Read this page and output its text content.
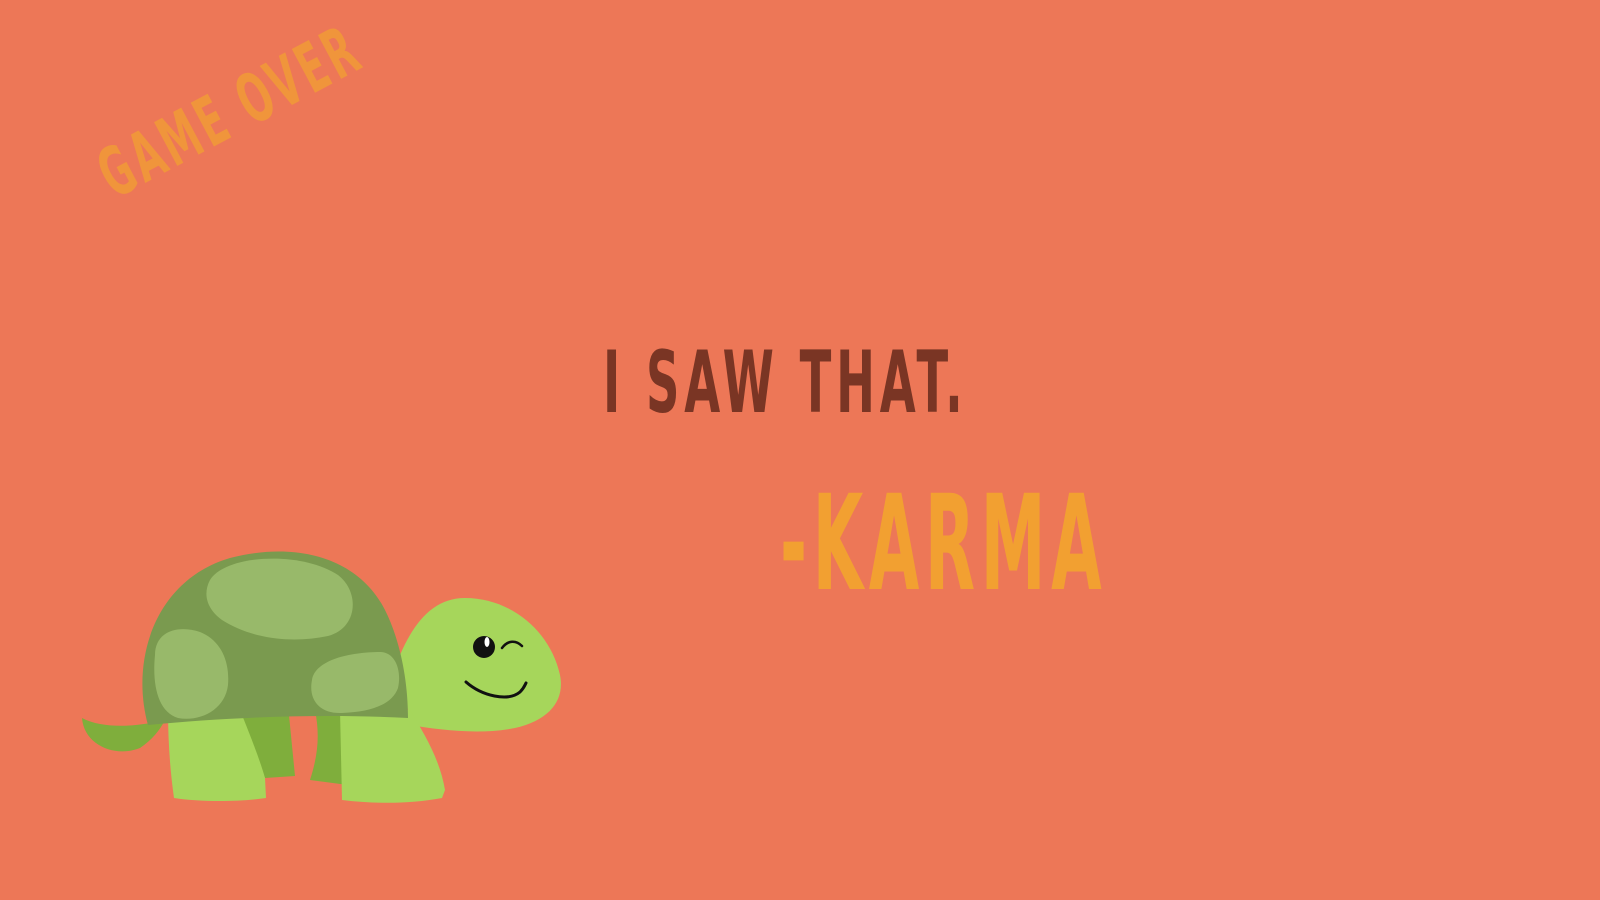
GAME OVER
I SAW THAT.
-KARMA
